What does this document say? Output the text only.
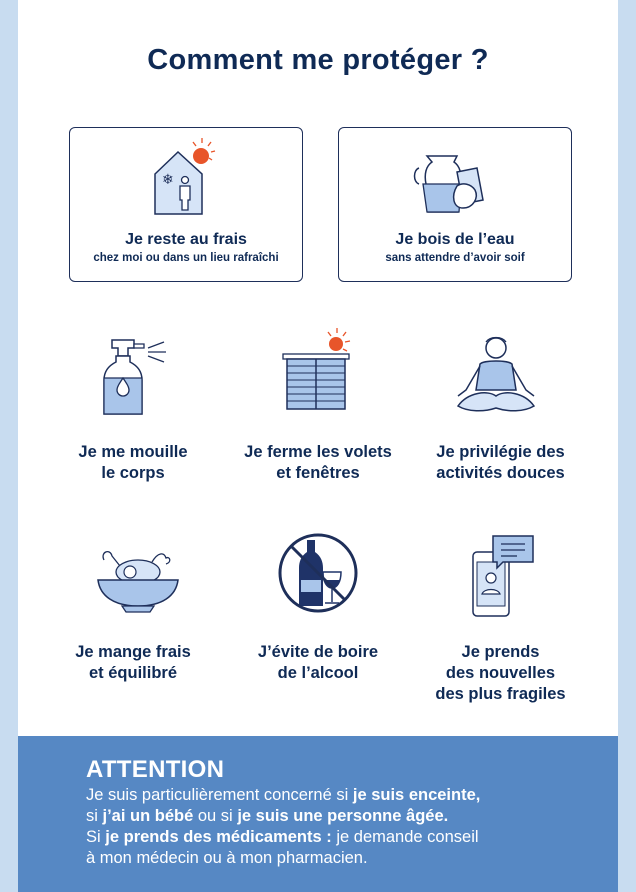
Comment me protéger ?
❄
Je reste au frais
chez moi ou dans un lieu rafraîchi
Je bois de l’eau
sans attendre d’avoir soif
Je me mouille
le corps
Je ferme les volets
et fenêtres
Je privilégie des
activités douces
Je mange frais
et équilibré
J’évite de boire
de l’alcool
Je prends
des nouvelles
des plus fragiles
ATTENTION
Je suis particulièrement concerné si je suis enceinte,
si j’ai un bébé ou si je suis une personne âgée.
Si je prends des médicaments : je demande conseil
à mon médecin ou à mon pharmacien.
